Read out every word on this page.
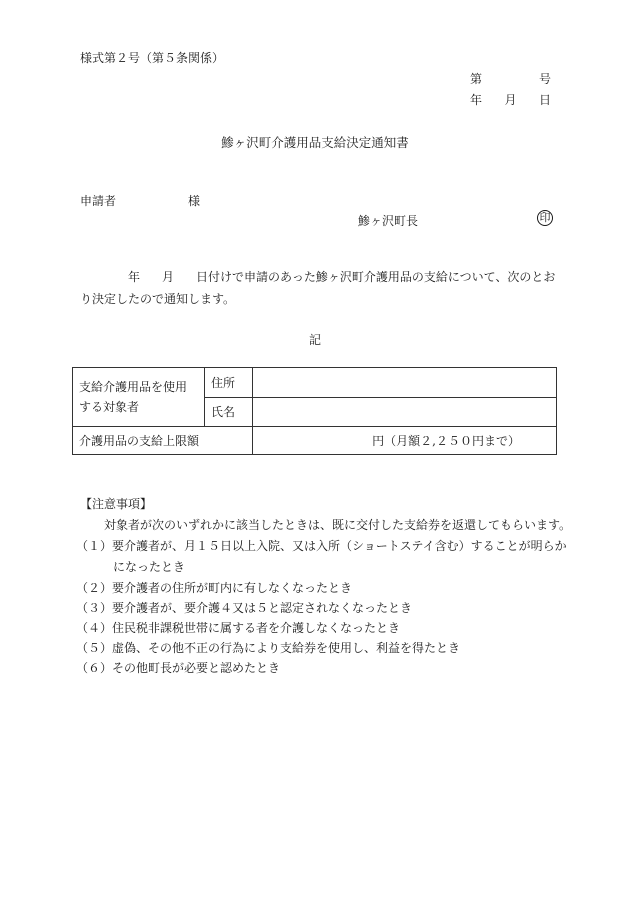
様式第２号（第５条関係）
第	号
年 月 日
鯵ヶ沢町介護用品支給決定通知書
申請者	様
鯵ヶ沢町長	印
年 月 日付けで申請のあった鯵ヶ沢町介護用品の支給について、次のとお
り決定したので通知します。
記
支給介護用品を使用する対象者	住所	
	氏名	
介護用品の支給上限額		円（月額２,２５０円まで）
【注意事項】
対象者が次のいずれかに該当したときは、既に交付した支給券を返還してもらいます。
（１）要介護者が、月１５日以上入院、又は入所（ショートステイ含む）することが明らか
になったとき
（２）要介護者の住所が町内に有しなくなったとき
（３）要介護者が、要介護４又は５と認定されなくなったとき
（４）住民税非課税世帯に属する者を介護しなくなったとき
（５）虚偽、その他不正の行為により支給券を使用し、利益を得たとき
（６）その他町長が必要と認めたとき
